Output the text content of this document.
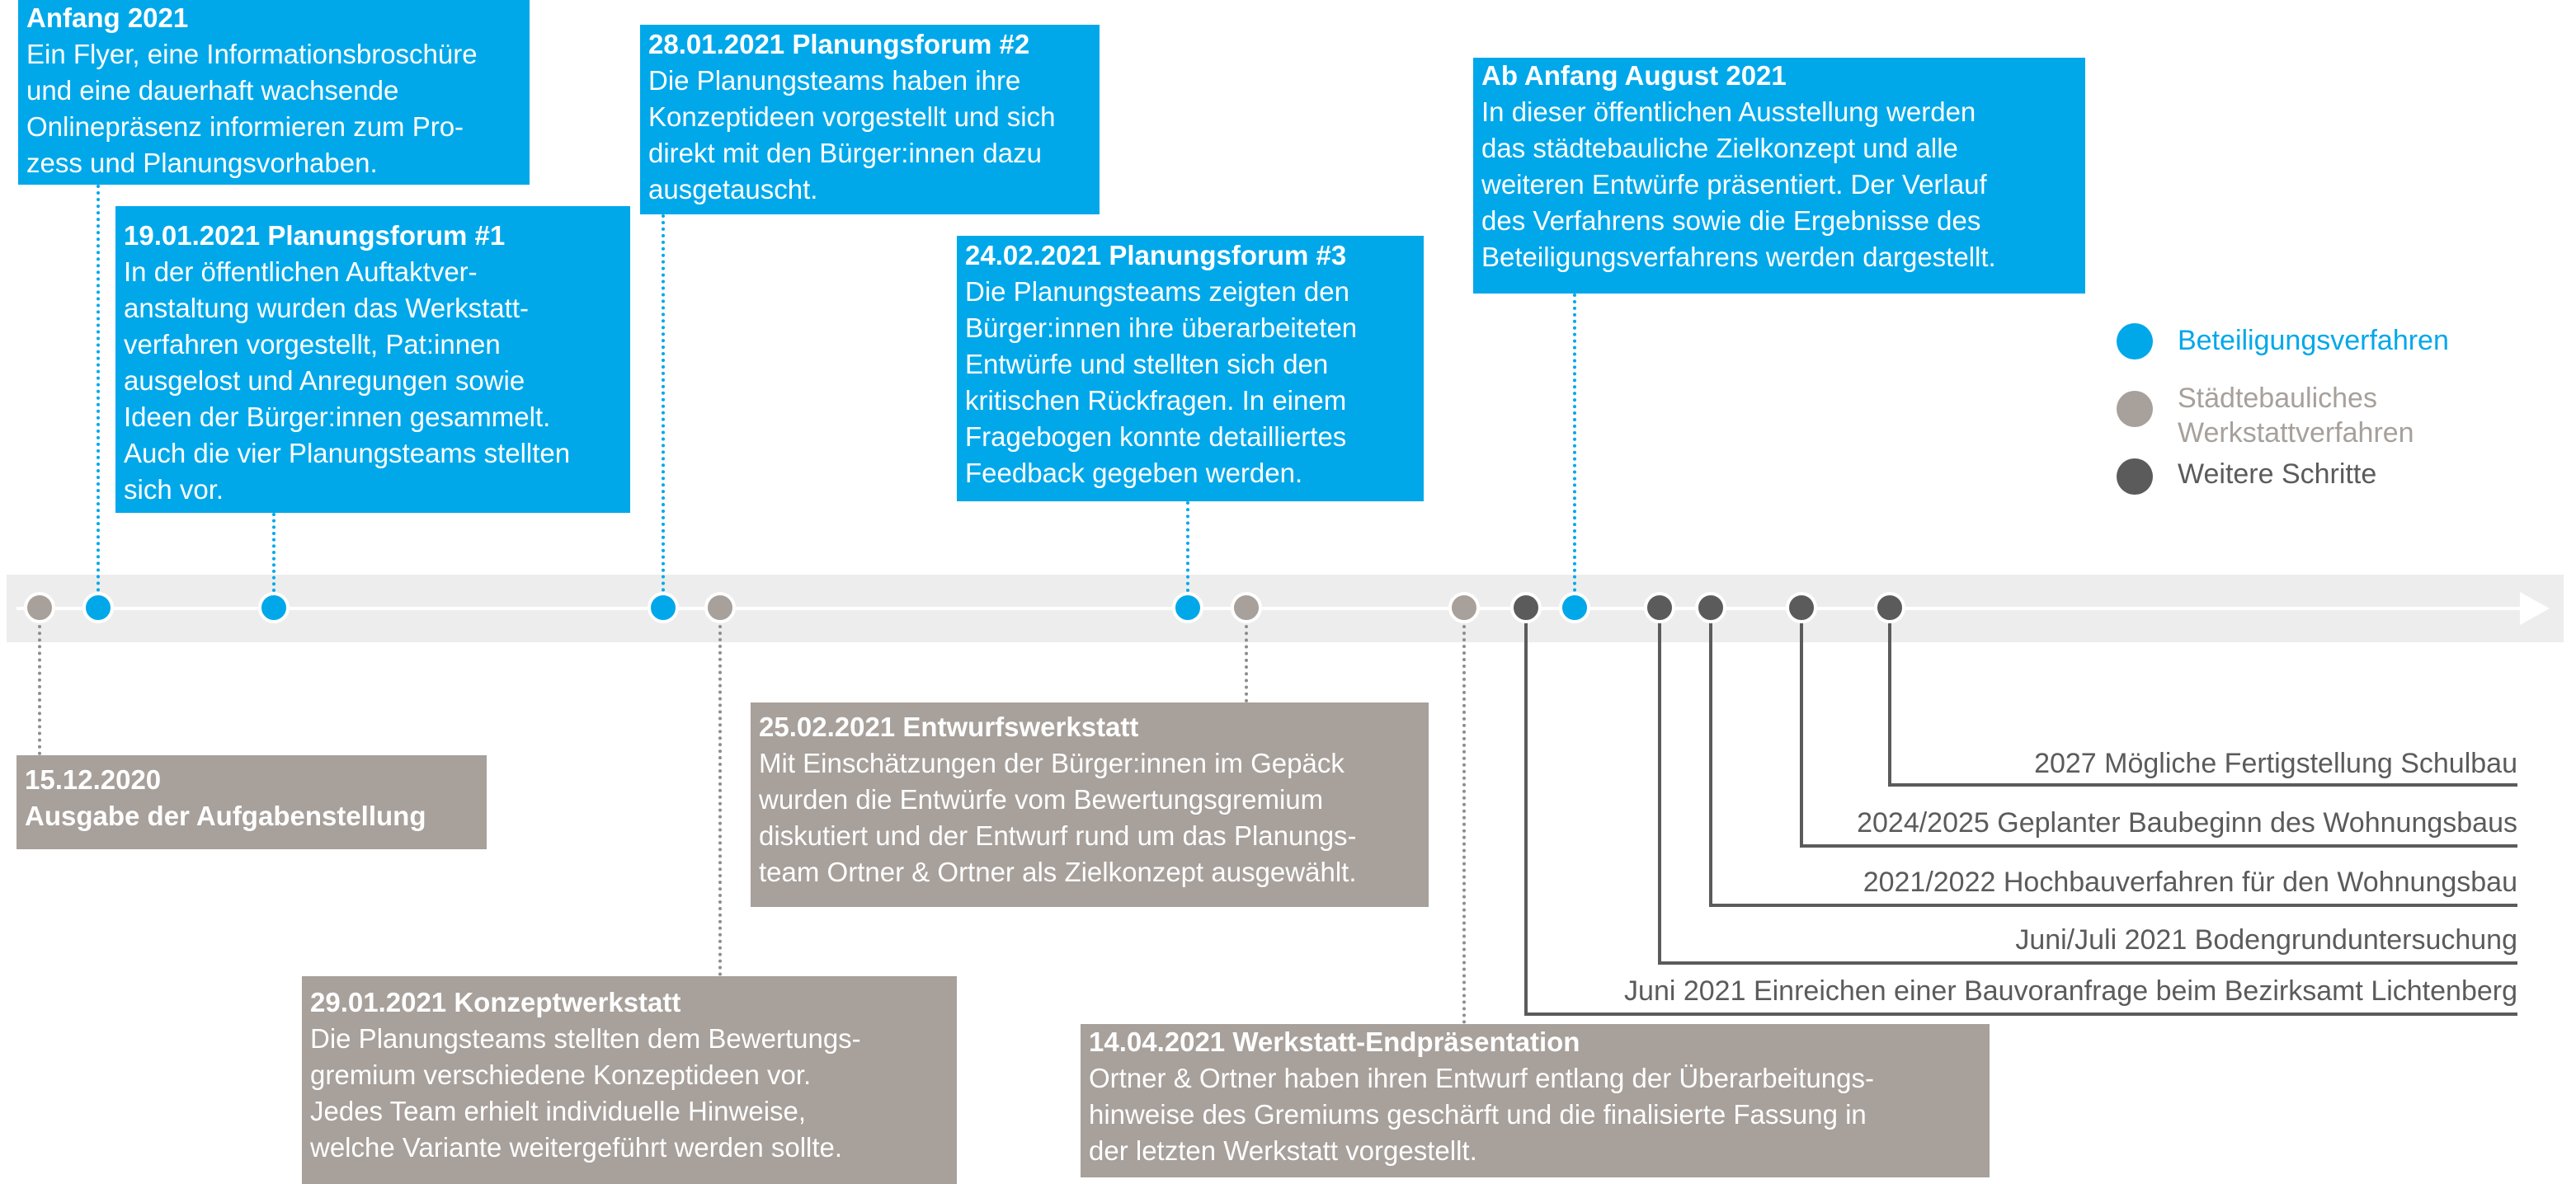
Anfang 2021
Ein Flyer, eine Informationsbroschüre
und eine dauerhaft wachsende
Onlinepräsenz informieren zum Pro-
zess und Planungsvorhaben.
19.01.2021 Planungsforum #1
In der öffentlichen Auftaktver-
anstaltung wurden das Werkstatt-
verfahren vorgestellt, Pat:innen
ausgelost und Anregungen sowie
Ideen der Bürger:innen gesammelt.
Auch die vier Planungsteams stellten
sich vor.
28.01.2021 Planungsforum #2
Die Planungsteams haben ihre
Konzeptideen vorgestellt und sich
direkt mit den Bürger:innen dazu
ausgetauscht.
24.02.2021 Planungsforum #3
Die Planungsteams zeigten den
Bürger:innen ihre überarbeiteten
Entwürfe und stellten sich den
kritischen Rückfragen. In einem
Fragebogen konnte detailliertes
Feedback gegeben werden.
Ab Anfang August 2021
In dieser öffentlichen Ausstellung werden
das städtebauliche Zielkonzept und alle
weiteren Entwürfe präsentiert. Der Verlauf
des Verfahrens sowie die Ergebnisse des
Beteiligungsverfahrens werden dargestellt.
15.12.2020
Ausgabe der Aufgabenstellung
29.01.2021 Konzeptwerkstatt
Die Planungsteams stellten dem Bewertungs-
gremium verschiedene Konzeptideen vor.
Jedes Team erhielt individuelle Hinweise,
welche Variante weitergeführt werden sollte.
25.02.2021 Entwurfswerkstatt
Mit Einschätzungen der Bürger:innen im Gepäck
wurden die Entwürfe vom Bewertungsgremium
diskutiert und der Entwurf rund um das Planungs-
team Ortner & Ortner als Zielkonzept ausgewählt.
14.04.2021 Werkstatt-Endpräsentation
Ortner & Ortner haben ihren Entwurf entlang der Überarbeitungs-
hinweise des Gremiums geschärft und die finalisierte Fassung in
der letzten Werkstatt vorgestellt.
2027 Mögliche Fertigstellung Schulbau
2024/2025 Geplanter Baubeginn des Wohnungsbaus
2021/2022 Hochbauverfahren für den Wohnungsbau
Juni/Juli 2021 Bodengrunduntersuchung
Juni 2021 Einreichen einer Bauvoranfrage beim Bezirksamt Lichtenberg
Beteiligungsverfahren
Städtebauliches
Werkstattverfahren
Weitere Schritte
